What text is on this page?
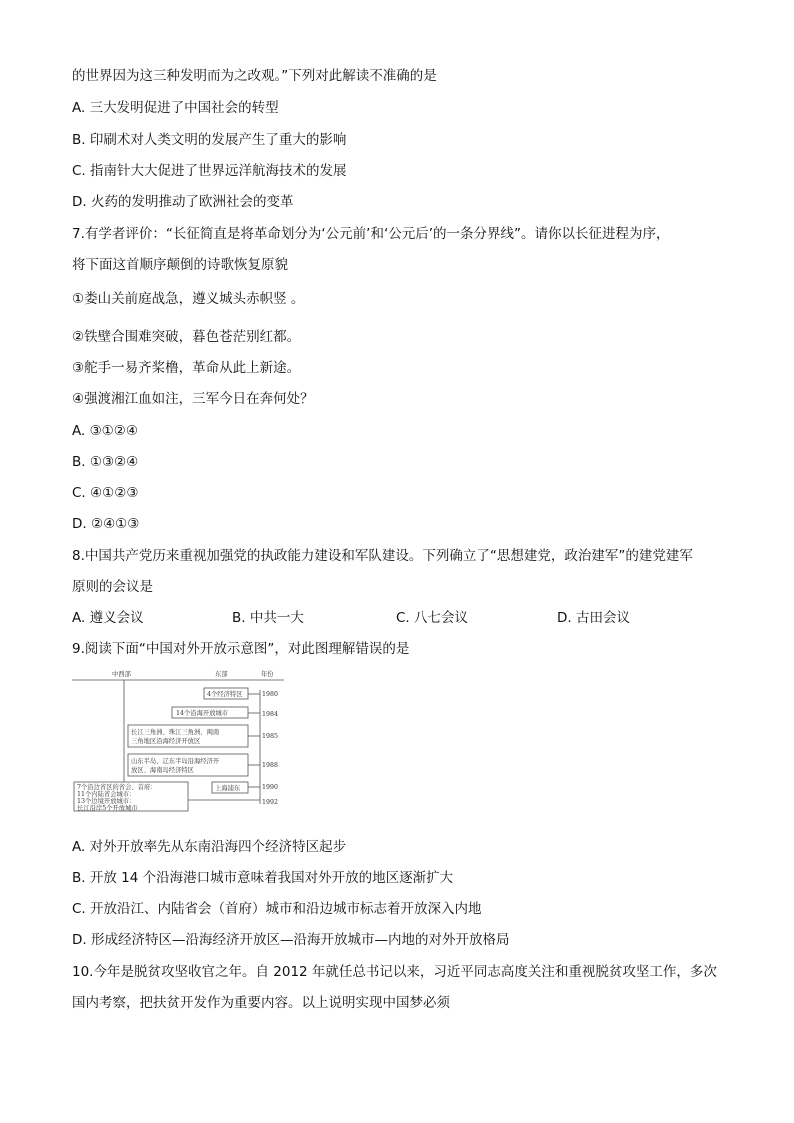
的世界因为这三种发明而为之改观。”下列对此解读不准确的是
A. 三大发明促进了中国社会的转型
B. 印刷术对人类文明的发展产生了重大的影响
C. 指南针大大促进了世界远洋航海技术的发展
D. 火药的发明推动了欧洲社会的变革
7.有学者评价：“长征简直是将革命划分为‘公元前’和‘公元后’的一条分界线”。请你以长征进程为序，
将下面这首顺序颠倒的诗歌恢复原貌
①娄山关前庭战急，遵义城头赤帜竖 。
②铁壁合围难突破，暮色苍茫别红都。
③舵手一易齐桨橹，革命从此上新途。
④强渡湘江血如注，三军今日在奔何处？
A. ③①②④
B. ①③②④
C. ④①②③
D. ②④①③
8.中国共产党历来重视加强党的执政能力建设和军队建设。下列确立了“思想建党，政治建军”的建党建军
原则的会议是
A. 遵义会议	B. 中共一大	C. 八七会议	D. 古田会议
9.阅读下面“中国对外开放示意图”，对此图理解错误的是
中西部	东部	年份
4个经济特区	1980
14个沿海开放城市	1984
长江三角洲、珠江三角洲、闽南
三角地区沿海经济开放区
1985
山东半岛、辽东半岛沿海经济开
放区、海南岛经济特区
1988
上海浦东	1990
7个沿边省区的省会、首府：
11个内陆省会城市：
13个边境开放城市：
长江沿岸5个开放城市
1992
A. 对外开放率先从东南沿海四个经济特区起步
B. 开放 14 个沿海港口城市意味着我国对外开放的地区逐渐扩大
C. 开放沿江、内陆省会（首府）城市和沿边城市标志着开放深入内地
D. 形成经济特区—沿海经济开放区—沿海开放城市—内地的对外开放格局
10.今年是脱贫攻坚收官之年。自 2012 年就任总书记以来，习近平同志高度关注和重视脱贫攻坚工作，多次
国内考察，把扶贫开发作为重要内容。以上说明实现中国梦必须
